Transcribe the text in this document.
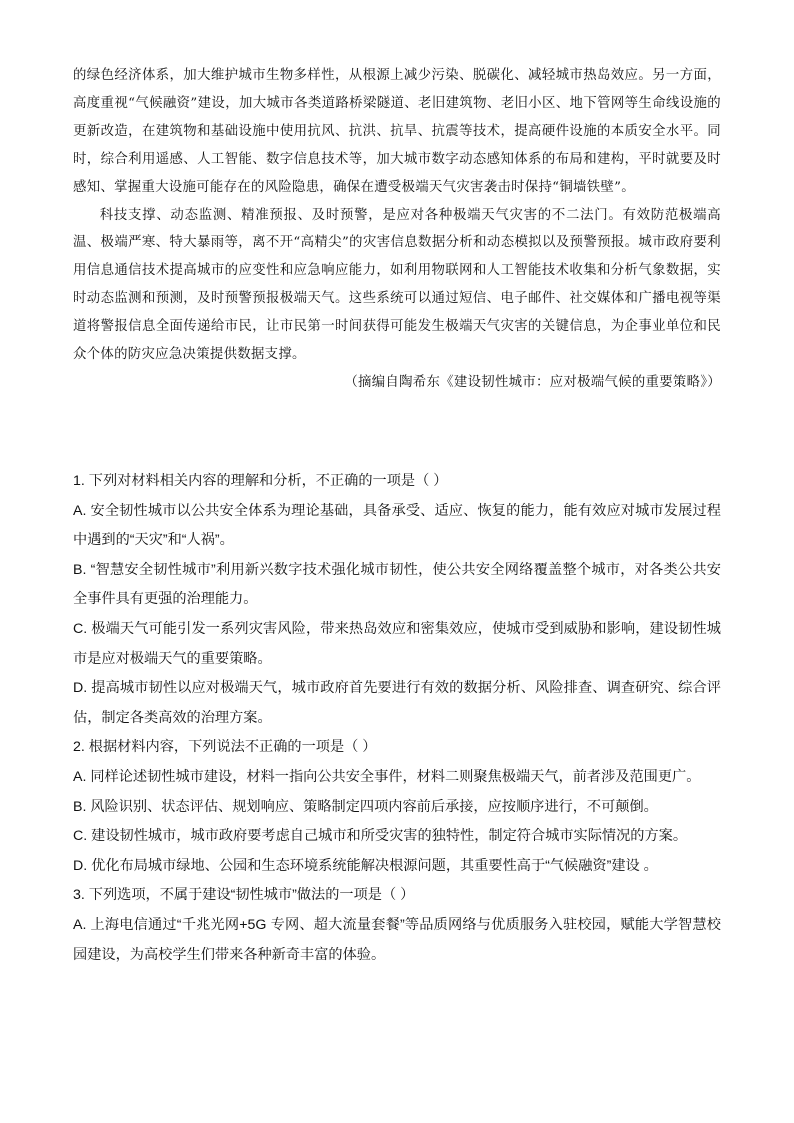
的绿色经济体系，加大维护城市生物多样性，从根源上减少污染、脱碳化、减轻城市热岛效应。另一方面，高度重视“气候融资”建设，加大城市各类道路桥梁隧道、老旧建筑物、老旧小区、地下管网等生命线设施的更新改造，在建筑物和基础设施中使用抗风、抗洪、抗旱、抗震等技术，提高硬件设施的本质安全水平。同时，综合利用遥感、人工智能、数字信息技术等，加大城市数字动态感知体系的布局和建构，平时就要及时感知、掌握重大设施可能存在的风险隐患，确保在遭受极端天气灾害袭击时保持“铜墙铁壁”。

科技支撑、动态监测、精准预报、及时预警，是应对各种极端天气灾害的不二法门。有效防范极端高温、极端严寒、特大暴雨等，离不开“高精尖”的灾害信息数据分析和动态模拟以及预警预报。城市政府要利用信息通信技术提高城市的应变性和应急响应能力，如利用物联网和人工智能技术收集和分析气象数据，实时动态监测和预测，及时预警预报极端天气。这些系统可以通过短信、电子邮件、社交媒体和广播电视等渠道将警报信息全面传递给市民，让市民第一时间获得可能发生极端天气灾害的关键信息，为企事业单位和民众个体的防灾应急决策提供数据支撑。

（摘编自陶希东《建设韧性城市：应对极端气候的重要策略》）

1. 下列对材料相关内容的理解和分析，不正确的一项是（ ）

A. 安全韧性城市以公共安全体系为理论基础，具备承受、适应、恢复的能力，能有效应对城市发展过程中遇到的“天灾”和“人祸”。

B. “智慧安全韧性城市”利用新兴数字技术强化城市韧性，使公共安全网络覆盖整个城市，对各类公共安全事件具有更强的治理能力。

C. 极端天气可能引发一系列灾害风险，带来热岛效应和密集效应，使城市受到威胁和影响，建设韧性城市是应对极端天气的重要策略。

D. 提高城市韧性以应对极端天气，城市政府首先要进行有效的数据分析、风险排查、调查研究、综合评估，制定各类高效的治理方案。

2. 根据材料内容，下列说法不正确的一项是（ ）

A. 同样论述韧性城市建设，材料一指向公共安全事件，材料二则聚焦极端天气，前者涉及范围更广。

B. 风险识别、状态评估、规划响应、策略制定四项内容前后承接，应按顺序进行，不可颠倒。

C. 建设韧性城市，城市政府要考虑自己城市和所受灾害的独特性，制定符合城市实际情况的方案。

D. 优化布局城市绿地、公园和生态环境系统能解决根源问题，其重要性高于“气候融资”建设 。

3. 下列选项，不属于建设“韧性城市”做法的一项是（ ）

A. 上海电信通过“千兆光网+5G 专网、超大流量套餐”等品质网络与优质服务入驻校园，赋能大学智慧校园建设，为高校学生们带来各种新奇丰富的体验。
